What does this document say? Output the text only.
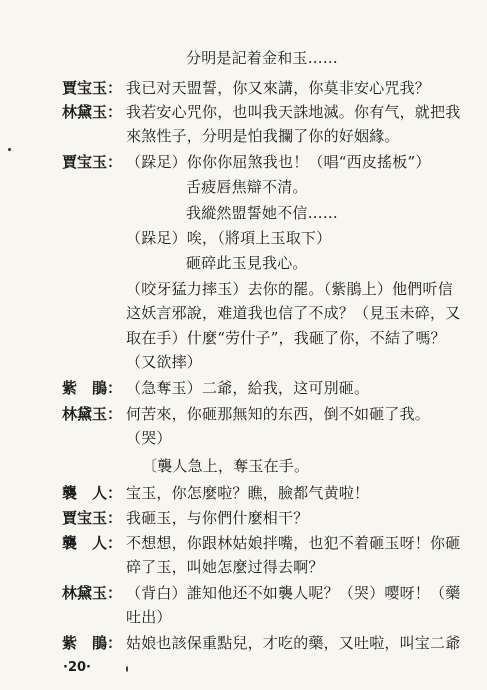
分明是記着金和玉……
賈宝玉： 我已对天盟誓，你又來講，你莫非安心咒我？
林黛玉： 我若安心咒你，也叫我天誅地滅。你有气，就把我
來煞性子，分明是怕我攔了你的好姻緣。
賈宝玉： （跺足）你你你屈煞我也！（唱“西皮搖板”）
舌疲唇焦辯不清。
我縱然盟誓她不信……
（跺足）唉，（將項上玉取下）
砸碎此玉見我心。
（咬牙猛力摔玉）去你的罷。（紫鵑上）他們听信
这妖言邪說，难道我也信了不成？（見玉未碎，又
取在手）什麼“劳什子”，我砸了你，不結了嗎？
（又欲摔）
紫　鵑： （急奪玉）二爺，給我，这可別砸。
林黛玉： 何苦來，你砸那無知的东西，倒不如砸了我。
（哭）
〔襲人急上，奪玉在手。
襲　人： 宝玉，你怎麼啦？瞧，臉都气黄啦！
賈宝玉： 我砸玉，与你們什麼相干？
襲　人： 不想想，你跟林姑娘拌嘴，也犯不着砸玉呀！你砸
碎了玉，叫她怎麼过得去啊？
林黛玉： （背白）誰知他还不如襲人呢？（哭）嘤呀！（藥
吐出）
紫　鵑： 姑娘也該保重點兒，才吃的藥，又吐啦，叫宝二爺
·20·
